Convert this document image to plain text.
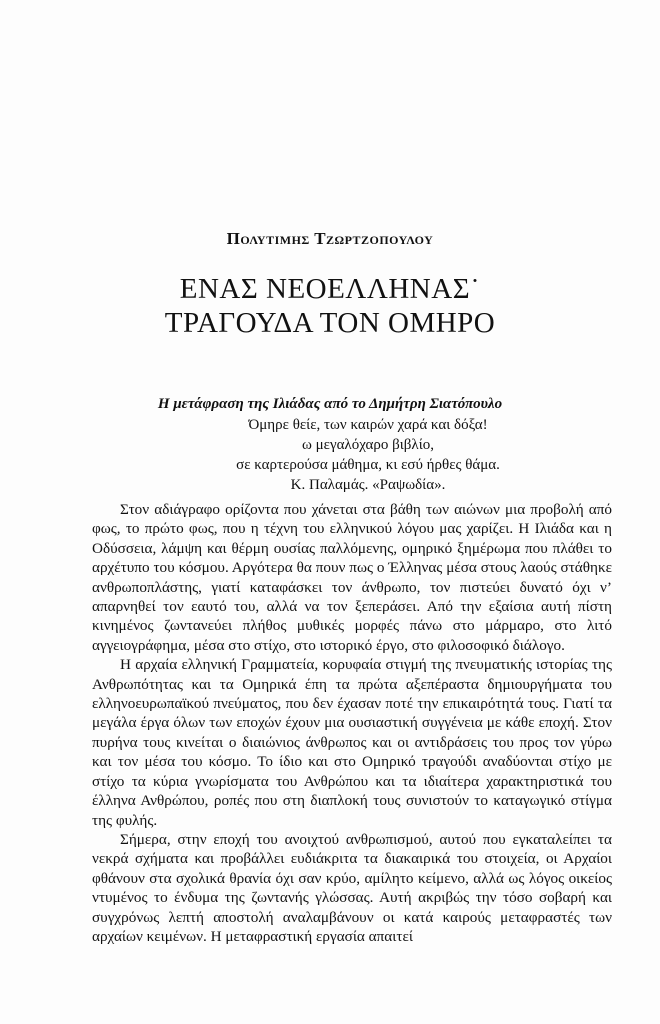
Πολυτιμης Τζωρτζοπουλου
ΕΝΑΣ ΝΕΟΕΛΛΗΝΑΣ˙
ΤΡΑΓΟΥΔΑ ΤΟΝ ΟΜΗΡΟ
Η μετάφραση της Ιλιάδας από το Δημήτρη Σιατόπουλο
Όμηρε θείε, των καιρών χαρά και δόξα!
ω μεγαλόχαρο βιβλίο,
σε καρτερούσα μάθημα, κι εσύ ήρθες θάμα.
Κ. Παλαμάς. «Ραψωδία».

Στον αδιάγραφο ορίζοντα που χάνεται στα βάθη των αιώνων μια προβολή από φως, το πρώτο φως, που η τέχνη του ελληνικού λόγου μας χαρίζει. Η Ιλιάδα και η Οδύσσεια, λάμψη και θέρμη ουσίας παλλόμενης, ομηρικό ξημέρωμα που πλάθει το αρχέτυπο του κόσμου. Αργότερα θα πουν πως ο Έλληνας μέσα στους λαούς στάθηκε ανθρωποπλάστης, γιατί καταφάσκει τον άνθρωπο, τον πιστεύει δυνατό όχι ν’ απαρνηθεί τον εαυτό του, αλλά να τον ξεπεράσει. Από την εξαίσια αυτή πίστη κινημένος ζωντανεύει πλήθος μυθικές μορφές πάνω στο μάρμαρο, στο λιτό αγγειογράφημα, μέσα στο στίχο, στο ιστορικό έργο, στο φιλοσοφικό διάλογο.

Η αρχαία ελληνική Γραμματεία, κορυφαία στιγμή της πνευματικής ιστορίας της Ανθρωπότητας και τα Ομηρικά έπη τα πρώτα αξεπέραστα δημιουργήματα του ελληνοευρωπαϊκού πνεύματος, που δεν έχασαν ποτέ την επικαιρότητά τους. Γιατί τα μεγάλα έργα όλων των εποχών έχουν μια ουσιαστική συγγένεια με κάθε εποχή. Στον πυρήνα τους κινείται ο διαιώνιος άνθρωπος και οι αντιδράσεις του προς τον γύρω και τον μέσα του κόσμο. Το ίδιο και στο Ομηρικό τραγούδι αναδύονται στίχο με στίχο τα κύρια γνωρίσματα του Ανθρώπου και τα ιδιαίτερα χαρακτηριστικά του έλληνα Ανθρώπου, ροπές που στη διαπλοκή τους συνιστούν το καταγωγικό στίγμα της φυλής.

Σήμερα, στην εποχή του ανοιχτού ανθρωπισμού, αυτού που εγκαταλείπει τα νεκρά σχήματα και προβάλλει ευδιάκριτα τα διακαιρικά του στοιχεία, οι Αρχαίοι φθάνουν στα σχολικά θρανία όχι σαν κρύο, αμίλητο κείμενο, αλλά ως λόγος οικείος ντυμένος το ένδυμα της ζωντανής γλώσσας. Αυτή ακριβώς την τόσο σοβαρή και συγχρόνως λεπτή αποστολή αναλαμβάνουν οι κατά καιρούς μεταφραστές των αρχαίων κειμένων. Η μεταφραστική εργασία απαιτεί
